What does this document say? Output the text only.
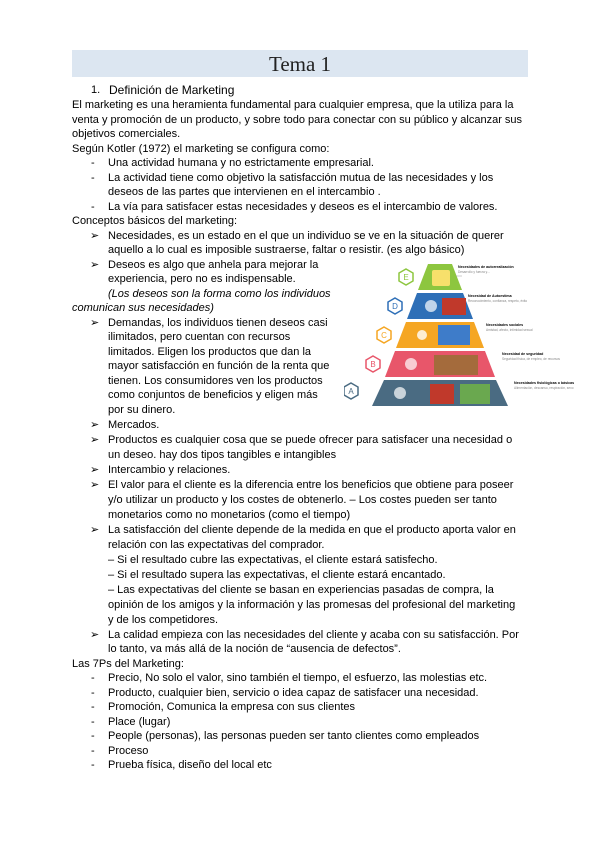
Tema 1
1. Definición de Marketing
El marketing es una heramienta fundamental para cualquier empresa, que la utiliza para la
venta y promoción de un producto, y sobre todo para conectar con su público y alcanzar sus
objetivos comerciales.
Según Kotler (1972) el marketing se configura como:
- Una actividad humana y no estrictamente empresarial.
- La actividad tiene como objetivo la satisfacción mutua de las necesidades y los
deseos de las partes que intervienen en el intercambio .
- La vía para satisfacer estas necesidades y deseos es el intercambio de valores.
Conceptos básicos del marketing:
➢ Necesidades, es un estado en el que un individuo se ve en la situación de querer
aquello a lo cual es imposible sustraerse, faltar o resistir. (es algo básico)
➢ Deseos es algo que anhela para mejorar la
experiencia, pero no es indispensable.
(Los deseos son la forma como los individuos
comunican sus necesidades)
➢ Demandas, los individuos tienen deseos casi
ilimitados, pero cuentan con recursos
limitados. Eligen los productos que dan la
mayor satisfacción en función de la renta que
tienen. Los consumidores ven los productos
como conjuntos de beneficios y eligen más
por su dinero.
➢ Mercados.
➢ Productos es cualquier cosa que se puede ofrecer para satisfacer una necesidad o
un deseo. hay dos tipos tangibles e intangibles
➢ Intercambio y relaciones.
➢ El valor para el cliente es la diferencia entre los beneficios que obtiene para poseer
y/o utilizar un producto y los costes de obtenerlo. – Los costes pueden ser tanto
monetarios como no monetarios (como el tiempo)
➢ La satisfacción del cliente depende de la medida en que el producto aporta valor en
relación con las expectativas del comprador.
– Si el resultado cubre las expectativas, el cliente estará satisfecho.
– Si el resultado supera las expectativas, el cliente estará encantado.
– Las expectativas del cliente se basan en experiencias pasadas de compra, la
opinión de los amigos y la información y las promesas del profesional del marketing
y de los competidores.
➢ La calidad empieza con las necesidades del cliente y acaba con su satisfacción. Por
lo tanto, va más allá de la noción de “ausencia de defectos”.
Las 7Ps del Marketing:
- Precio, No solo el valor, sino también el tiempo, el esfuerzo, las molestias etc.
- Producto, cualquier bien, servicio o idea capaz de satisfacer una necesidad.
- Promoción, Comunica la empresa con sus clientes
- Place (lugar)
- People (personas), las personas pueden ser tanto clientes como empleados
- Proceso
- Prueba física, diseño del local etc
E
D
C
B
A
Necesidades de autorrealización
Desarrollo y fuerza y...
Necesidad de Autoestima
Reconocimiento, confianza, respeto, éxito
Necesidades sociales
Amistad, afecto, intimidad sexual
Necesidad de seguridad
Seguridad física, de empleo, de recursos
Necesidades fisiológicas o básicas
Alimentación, descanso, respiración, sexo
